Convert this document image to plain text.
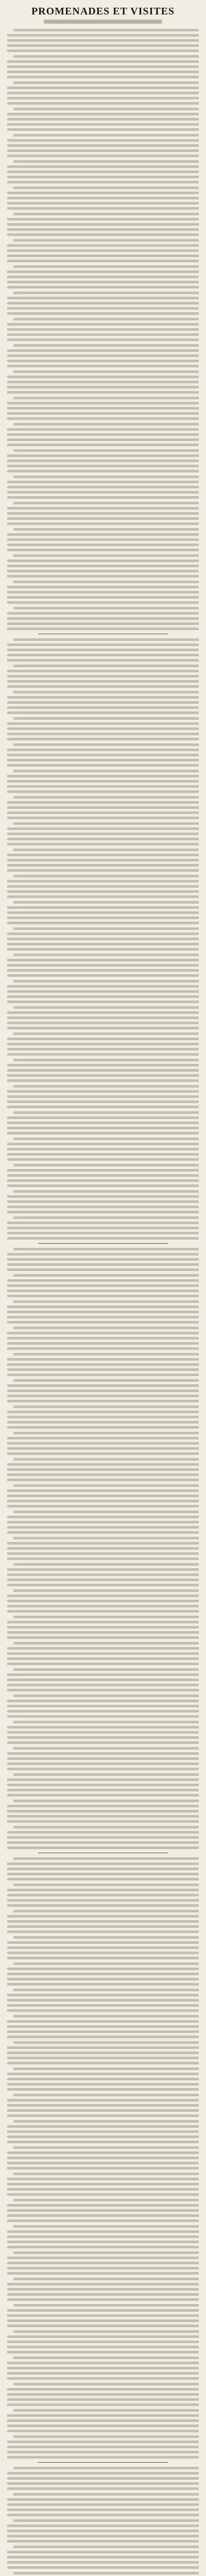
PROMENADES ET VISITES
